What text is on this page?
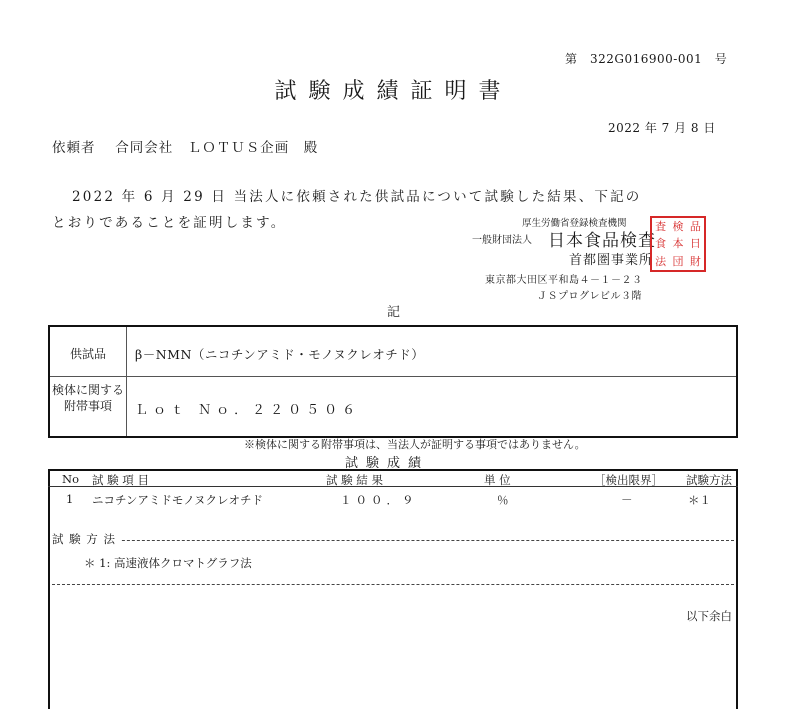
第　322G016900-001　号
試験成績証明書
2022 年 7 月 8 日
依頼者　 合同会社　ＬＯＴＵＳ企画　殿
2022 年 6 月 29 日 当法人に依頼された供試品について試験した結果、下記の
とおりであることを証明します。	厚生労働省登録検査機関
一般財団法人 日本食品検査
首都圏事業所
東京都大田区平和島４－１－２３
ＪＳプログレビル３階
査 検 品
食 本 日
法 団 財
記
供試品 β－NMN（ニコチンアミド・モノヌクレオチド）
検体に関する附帯事項	Ｌｏｔ Ｎｏ．２２０５０６
※検体に関する附帯事項は、当法人が証明する事項ではありません。
試験成績
No 試 験 項 目	試 験 結 果	単 位	［検出限界］ 試験方法
1 ニコチンアミドモノヌクレオチド	１００．９	％	－	＊１
試 験 方 法
＊ 1: 高速液体クロマトグラフ法
以下余白
